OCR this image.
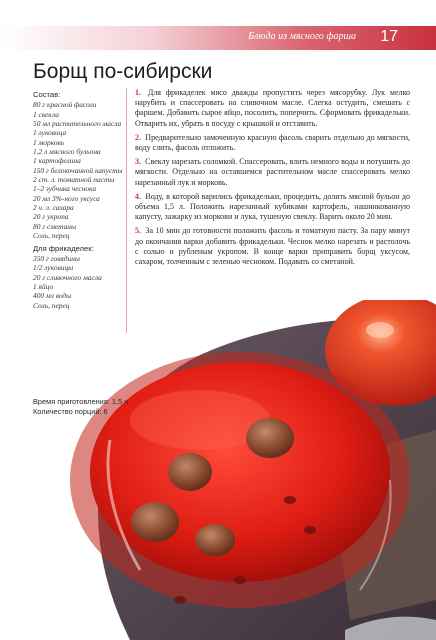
Блюда из мясного фарша 17
Борщ по-сибирски
Состав:
80 г красной фасоли
1 свекла
50 мл растительного масла
1 луковица
1 морковь
1,2 л мясного бульона
1 картофелина
150 г белокочанной капусты
2 ст. л. томатной пасты
1–2 зубчика чеснока
20 мл 3%-ного уксуса
2 ч. л. сахара
20 г укропа
80 г сметаны
Соль, перец
Для фрикаделек:
350 г говядины
1/2 луковицы
20 г сливочного масла
1 яйцо
400 мл воды
Соль, перец

1. Для фрикаделек мясо дважды пропустить через мясорубку. Лук мелко нарубить и спассеровать на сливочном масле. Слегка остудить, смешать с фаршем. Добавить сырое яйцо, посолить, поперчить. Сформовать фрикадельки. Отварить их, убрать в посуду с крышкой и отставить.

2. Предварительно замоченную красную фасоль сварить отдельно до мягкости, воду слить, фасоль отложить.

3. Свеклу нарезать соломкой. Спассеровать, влить немного воды и потушить до мягкости. Отдельно на оставшемся растительном масле спассеровать мелко нарезанный лук и морковь.

4. Воду, в которой варились фрикадельки, процедить, долить мясной бульон до объема 1,5 л. Положить нарезанный кубиками картофель, нашинкованную капусту, зажарку из моркови и лука, тушеную свеклу. Варить около 20 мин.

5. За 10 мин до готовности положить фасоль и томатную пасту. За пару минут до окончания варки добавить фрикадельки. Чеснок мелко нарезать и растолочь с солью и рубленым укропом. В конце варки приправить борщ уксусом, сахаром, толченным с зеленью чесноком. Подавать со сметаной.

Время приготовления: 1,5 ч
Количество порций: 6
